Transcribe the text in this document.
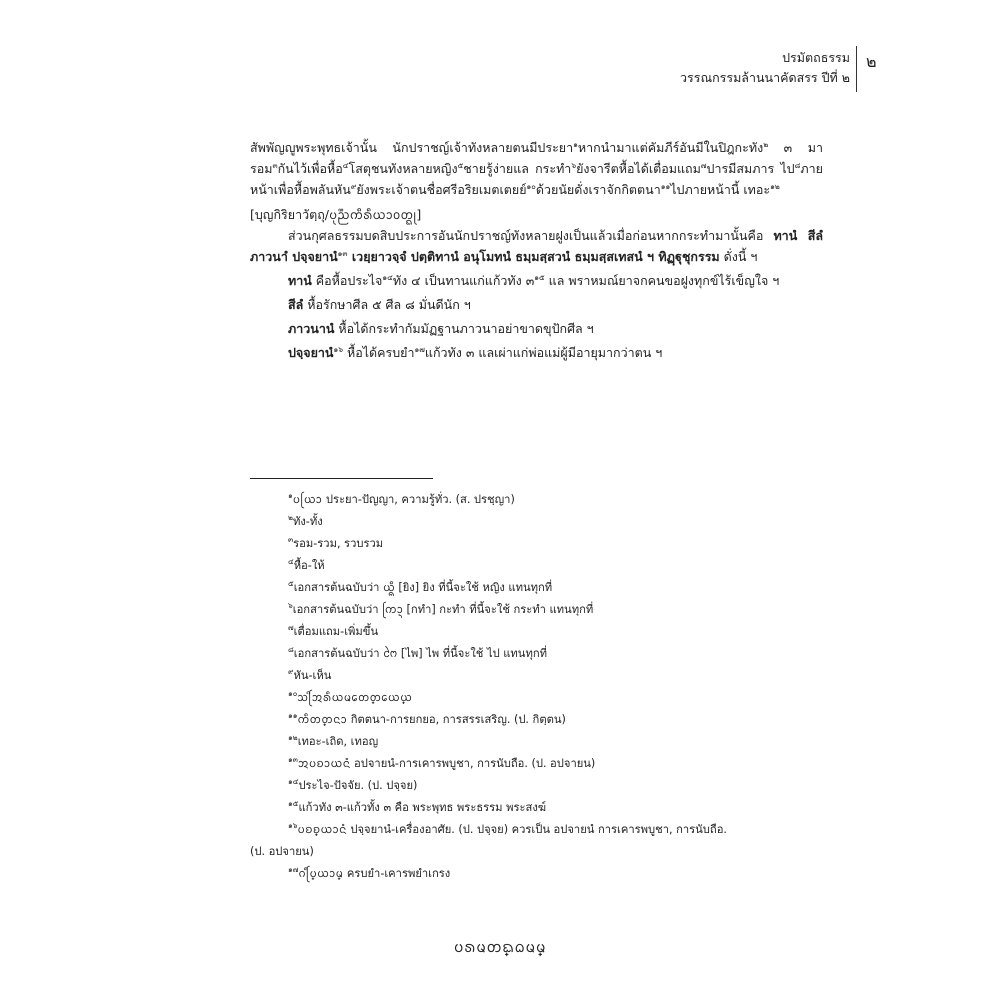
ปรมัตถธรรม
วรรณกรรมล้านนาคัดสรร ปีที่ ๒
๒

สัพพัญญูพระพุทธเจ้านั้น นักปราชญ์เจ้าทังหลายตนมีประยา$^๑$หากนำมาแต่คัมภีร์อันมีในปิฎกะทัง$^๒$ ๓ มา รอม$^๓$กันไว้เพื่อหื้อ$^๔$โสตุชนทังหลายหญิง$^๕$ชายรู้ง่ายแล กระทำ$^๖$ยังจารีตหื้อได้เตื่อมแถม$^๗$ปารมีสมภาร ไป$^๘$ภายหน้าเพื่อหื้อพลันหัน$^๙$ยังพระเจ้าตนชื่อศรีอริยเมตเตยย์$^{๑๐}$ด้วยนัยดั่งเราจักกิตตนา$^{๑๑}$ไปภายหน้านี้ เทอะ$^{๑๒}$

[บุญกิริยาวัตฺถุ/ᨷᩩᨬ᩠ᨬᨠᩥᩁᩥᨿᩣᩅᨲ᩠ᨳᩩ]

ส่วนกุศลธรรมบดสิบประการอันนักปราชญ์ทังหลายฝูงเป็นแล้วเมื่อก่อนหากกระทำมานั้นคือ ทานํ สีลํ ภาวนาํ ปจฺจยานํ$^{๑๓}$ เวยฺยาวจฺจํ ปตฺติทานํ อนุโมทนํ ธมฺมสฺสวนํ ธมฺมสฺสเทสนํ ฯ ทิฏฺฐุชุกรรม ดั่งนี้ ฯ

ทานํ คือหื้อประไจ$^{๑๔}$ทัง ๔ เป็นทานแก่แก้วทัง ๓$^{๑๕}$ แล พราหมณ์ยาจกคนขอฝูงทุกข์ไร้เข็ญใจ ฯ

สีลํ หื้อรักษาศีล ๕ ศีล ๘ มั่นดีนัก ฯ

ภาวนานํ หื้อได้กระทำกัมมัฏฐานภาวนาอย่าขาดขุปักศีล ฯ

ปจฺจยานํ$^{๑๖}$ หื้อได้ครบยำ$^{๑๗}$แก้วทัง ๓ แลเผ่าแก่พ่อแม่ผู้มีอายุมากว่าตน ฯ

$^๑$ᨷᩕᨿᩣ ประยา-ปัญญา, ความรู้ทั่ว. (ส. ปรชฺญา)

$^๒$ทัง-ทั้ง

$^๓$รอม-รวม, รวบรวม

$^๔$หื้อ-ให้

$^๕$เอกสารต้นฉบับว่า ᨿᩥ᩠ᨦ [ยิง] ยิง ที่นี้จะใช้ หญิง แทนทุกที่

$^๖$เอกสารต้นฉบับว่า ᨠᩕᩣ᩠ᨶ [กทำ] กะทำ ที่นี้จะใช้ กระทำ แทนทุกที่

$^๗$เตื่อมแถม-เพิ่มขึ้น

$^๘$เอกสารต้นฉบับว่า ᨻᩱ [ไพ] ไพ ที่นี้จะใช้ ไป แทนทุกที่

$^๙$หัน-เห็น

$^{๑๐}$ᩈᩕᩦᩋᩁᩥᨿᨾᩮᨲ᩠ᨲᩮᨿ᩠ᨿ

$^{๑๑}$ᨠᩥᨲ᩠ᨲᨶᩣ กิตตนา-การยกยอ, การสรรเสริญ. (ป. กิตฺตน)

$^{๑๒}$เทอะ-เถิด, เทอญ

$^{๑๓}$ᩋᨷᨧᩣᨿᨶᩴ อปจายนํ-การเคารพบูชา, การนับถือ. (ป. อปจายน)

$^{๑๔}$ประไจ-ปัจจัย. (ป. ปจฺจย)

$^{๑๕}$แก้วทัง ๓-แก้วทั้ง ๓ คือ พระพุทธ พระธรรม พระสงฆ์

$^{๑๖}$ᨷᨧ᩠ᨧᨿᩣᨶᩴ ปจฺจยานํ-เครื่องอาศัย. (ป. ปจฺจย) ควรเป็น อปจายนํ การเคารพบูชา, การนับถือ.

(ป. อปจายน)

$^{๑๗}$ᨣᩕᩧ᩠ᨷᨿᩣ᩠ᨾ ครบยำ-เคารพยำเกรง

ᨷᩁᨾᨲ᩠ᨳᨵᨾ᩠ᨾ
